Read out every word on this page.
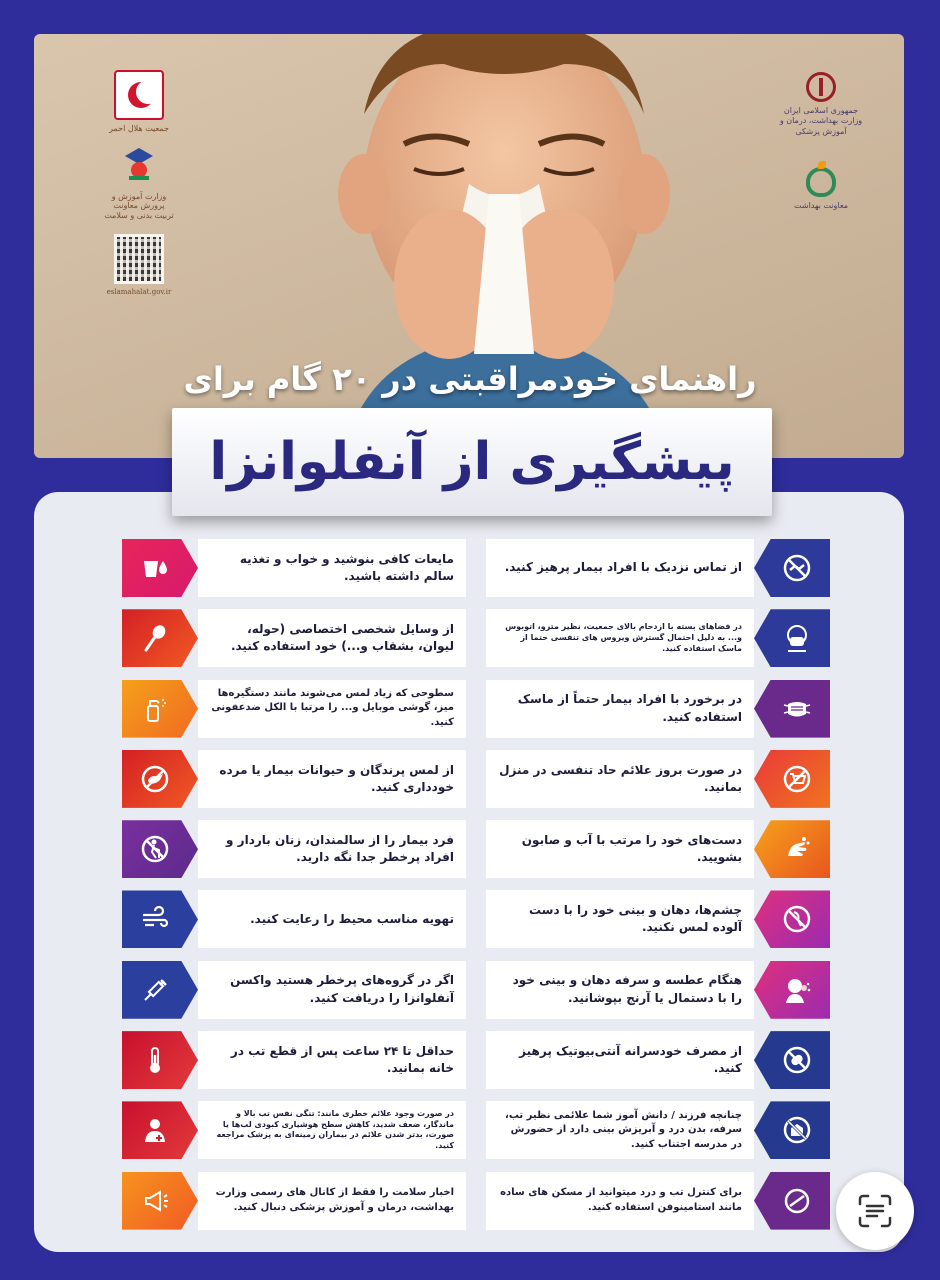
جمعیت هلال احمر
وزارت آموزش و پرورش معاونت تربیت بدنی و سلامت
eslamahalat.gov.ir
جمهوری اسلامی ایران وزارت بهداشت، درمان و آموزش پزشکی
معاونت بهداشت
راهنمای خودمراقبتی در ۲۰ گام برای
پیشگیری از آنفلوانزا
از تماس نزدیک با افراد بیمار پرهیز کنید.
در فضاهای بسته با ازدحام بالای جمعیت، نظیر مترو، اتوبوس و... به دلیل احتمال گسترش ویروس های تنفسی حتما از ماسک استفاده کنید.
در برخورد با افراد بیمار حتماً از ماسک استفاده کنید.
در صورت بروز علائم حاد تنفسی در منزل بمانید.
دست‌های خود را مرتب با آب و صابون بشویید.
چشم‌ها، دهان و بینی خود را با دست آلوده لمس نکنید.
هنگام عطسه و سرفه دهان و بینی خود را با دستمال یا آرنج بپوشانید.
از مصرف خودسرانه آنتی‌بیوتیک پرهیز کنید.
چنانچه فرزند / دانش آموز شما علائمی نظیر تب، سرفه، بدن درد و آبریزش بینی دارد از حضورش در مدرسه اجتناب کنید.
برای کنترل تب و درد میتوانید از مسکن های ساده مانند استامینوفن استفاده کنید.
مایعات کافی بنوشید و خواب و تغذیه سالم داشته باشید.
از وسایل شخصی اختصاصی (حوله، لیوان، بشقاب و...) خود استفاده کنید.
سطوحی که زیاد لمس می‌شوند مانند دستگیره‌ها میز، گوشی موبایل و... را مرتبا با الکل ضدعفونی کنید.
از لمس پرندگان و حیوانات بیمار یا مرده خودداری کنید.
فرد بیمار را از سالمندان، زنان باردار و افراد پرخطر جدا نگه دارید.
تهویه مناسب محیط را رعایت کنید.
اگر در گروه‌های پرخطر هستید واکسن آنفلوانزا را دریافت کنید.
حداقل تا ۲۴ ساعت پس از قطع تب در خانه بمانید.
در صورت وجود علائم خطری مانند: تنگی نفس تب بالا و ماندگار، ضعف شدید، کاهش سطح هوشیاری کبودی لب‌ها یا صورت، بدتر شدن علائم در بیماران زمینه‌ای به پزشک مراجعه کنید.
اخبار سلامت را فقط از کانال های رسمی وزارت بهداشت، درمان و آموزش پزشکی دنبال کنید.
